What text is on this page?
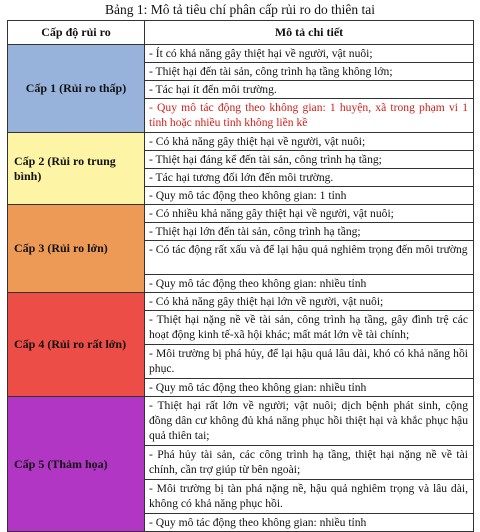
Bảng 1: Mô tả tiêu chí phân cấp rủi ro do thiên tai
Cấp độ rủi ro	Mô tả chi tiết
Cấp 1 (Rủi ro thấp)	- Ít có khả năng gây thiệt hại về người, vật nuôi;
- Thiệt hại đến tài sản, công trình hạ tầng không lớn;
- Tác hại ít đến môi trường.
- Quy mô tác động theo không gian: 1 huyện, xã trong phạm vi 1 tỉnh hoặc nhiều tỉnh không liền kề

Cấp 2 (Rủi ro trung bình)	- Có khả năng gây thiệt hại về người, vật nuôi;
- Thiệt hại đáng kể đến tài sản, công trình hạ tầng;
- Tác hại tương đối lớn đến môi trường.
- Quy mô tác động theo không gian: 1 tỉnh

Cấp 3 (Rủi ro lớn)	- Có nhiều khả năng gây thiệt hại về người, vật nuôi;
- Thiệt hại lớn đến tài sản, công trình hạ tầng;
- Có tác động rất xấu và để lại hậu quả nghiêm trọng đến môi trường
- Quy mô tác động theo không gian: nhiều tỉnh

Cấp 4 (Rủi ro rất lớn)	- Có khả năng gây thiệt hại lớn về người, vật nuôi;
- Thiệt hại nặng nề về tài sản, công trình hạ tầng, gây đình trệ các hoạt động kinh tế-xã hội khác; mất mát lớn về tài chính;
- Môi trường bị phá hủy, để lại hậu quả lâu dài, khó có khả năng hồi phục.
- Quy mô tác động theo không gian: nhiều tỉnh

Cấp 5 (Thảm họa)	- Thiệt hại rất lớn về người; vật nuôi; dịch bệnh phát sinh, cộng đồng dân cư không đủ khả năng phục hồi thiệt hại và khắc phục hậu quả thiên tai;
- Phá hủy tài sản, các công trình hạ tầng, thiệt hại nặng nề về tài chính, cần trợ giúp từ bên ngoài;
- Môi trường bị tàn phá nặng nề, hậu quả nghiêm trọng và lâu dài, không có khả năng phục hồi.
- Quy mô tác động theo không gian: nhiều tỉnh
